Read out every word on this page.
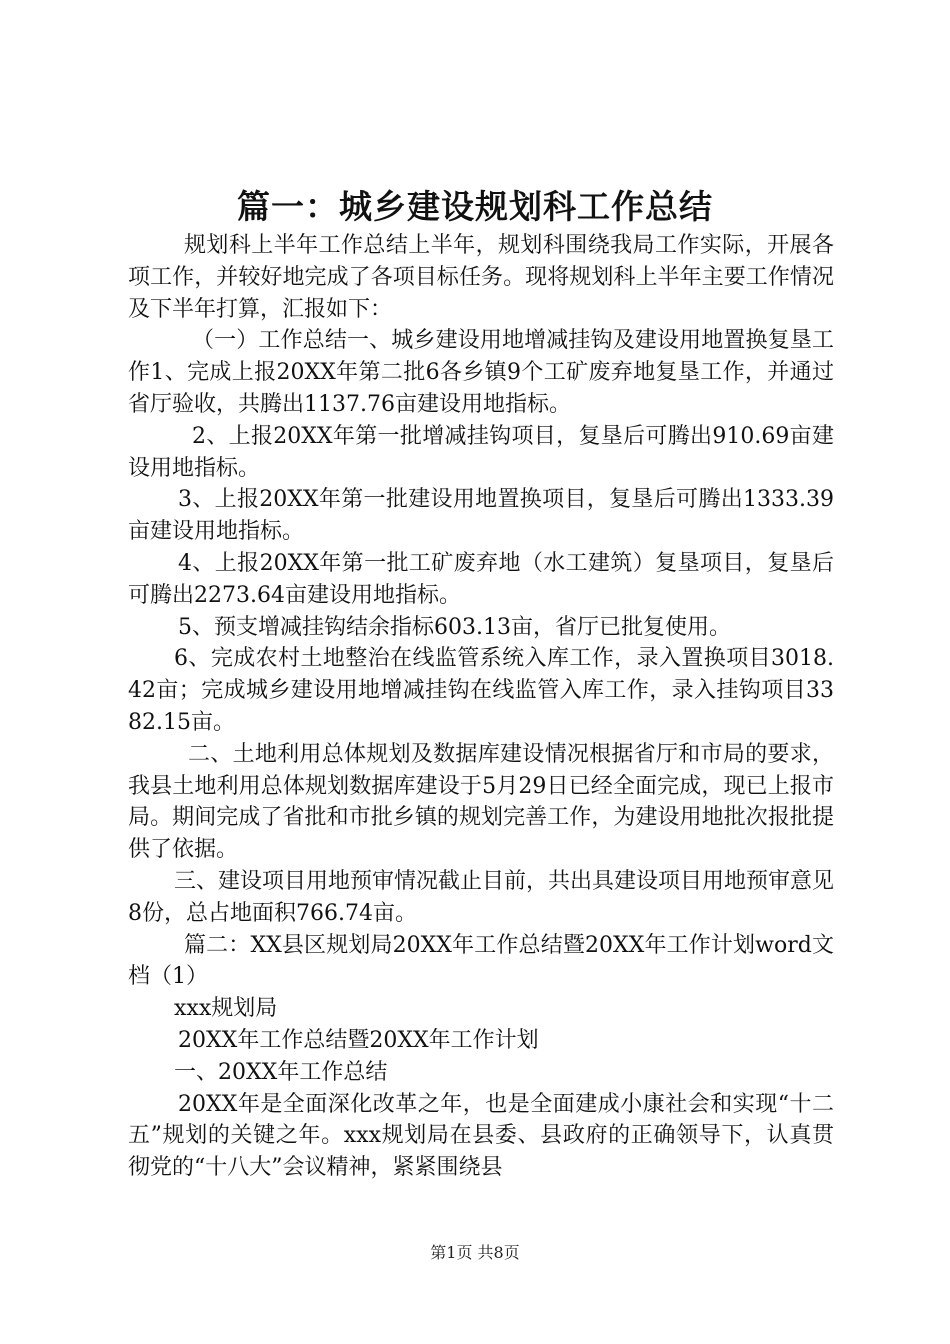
篇一：城乡建设规划科工作总结

规划科上半年工作总结上半年，规划科围绕我局工作实际，开展各项工作，并较好地完成了各项目标任务。现将规划科上半年主要工作情况及下半年打算，汇报如下：

（一）工作总结一、城乡建设用地增减挂钩及建设用地置换复垦工作1、完成上报20XX年第二批6各乡镇9个工矿废弃地复垦工作，并通过省厅验收，共腾出1137.76亩建设用地指标。

2、上报20XX年第一批增减挂钩项目，复垦后可腾出910.69亩建设用地指标。

3、上报20XX年第一批建设用地置换项目，复垦后可腾出1333.39亩建设用地指标。

4、上报20XX年第一批工矿废弃地（水工建筑）复垦项目，复垦后可腾出2273.64亩建设用地指标。

5、预支增减挂钩结余指标603.13亩，省厅已批复使用。

6、完成农村土地整治在线监管系统入库工作，录入置换项目3018.42亩；完成城乡建设用地增减挂钩在线监管入库工作，录入挂钩项目3382.15亩。

二、土地利用总体规划及数据库建设情况根据省厅和市局的要求，我县土地利用总体规划数据库建设于5月29日已经全面完成，现已上报市局。期间完成了省批和市批乡镇的规划完善工作，为建设用地批次报批提供了依据。

三、建设项目用地预审情况截止目前，共出具建设项目用地预审意见8份，总占地面积766.74亩。

篇二：XX县区规划局20XX年工作总结暨20XX年工作计划word文档（1）

xxx规划局

20XX年工作总结暨20XX年工作计划

一、20XX年工作总结

20XX年是全面深化改革之年，也是全面建成小康社会和实现“十二五”规划的关键之年。xxx规划局在县委、县政府的正确领导下，认真贯彻党的“十八大”会议精神，紧紧围绕县

第1页 共8页
